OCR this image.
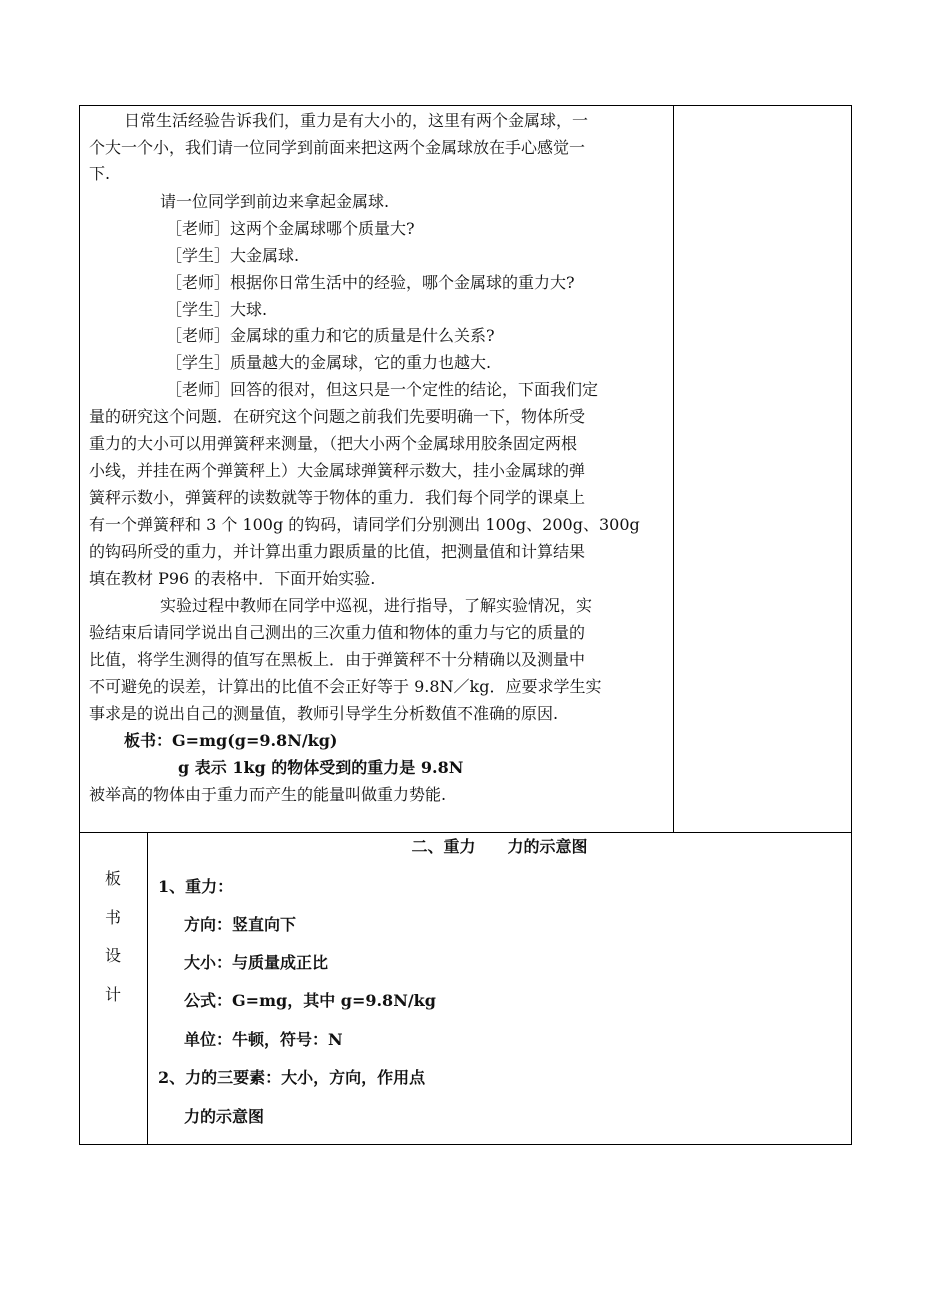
日常生活经验告诉我们，重力是有大小的，这里有两个金属球，一
个大一个小，我们请一位同学到前面来把这两个金属球放在手心感觉一
下.
请一位同学到前边来拿起金属球.
［老师］这两个金属球哪个质量大?
［学生］大金属球.
［老师］根据你日常生活中的经验，哪个金属球的重力大?
［学生］大球.
［老师］金属球的重力和它的质量是什么关系?
［学生］质量越大的金属球，它的重力也越大.
［老师］回答的很对，但这只是一个定性的结论，下面我们定
量的研究这个问题．在研究这个问题之前我们先要明确一下，物体所受
重力的大小可以用弹簧秤来测量，（把大小两个金属球用胶条固定两根
小线，并挂在两个弹簧秤上）大金属球弹簧秤示数大，挂小金属球的弹
簧秤示数小，弹簧秤的读数就等于物体的重力．我们每个同学的课桌上
有一个弹簧秤和 3 个 100g 的钩码，请同学们分别测出 100g、200g、300g
的钩码所受的重力，并计算出重力跟质量的比值，把测量值和计算结果
填在教材 P96 的表格中．下面开始实验.
实验过程中教师在同学中巡视，进行指导，了解实验情况，实
验结束后请同学说出自己测出的三次重力值和物体的重力与它的质量的
比值，将学生测得的值写在黑板上．由于弹簧秤不十分精确以及测量中
不可避免的误差，计算出的比值不会正好等于 9.8N／kg．应要求学生实
事求是的说出自己的测量值，教师引导学生分析数值不准确的原因.
板书：G=mg(g=9.8N/kg)
g 表示 1kg 的物体受到的重力是 9.8N
被举高的物体由于重力而产生的能量叫做重力势能.
板
书
设
计
二、重力　　力的示意图
1、重力：
方向：竖直向下
大小：与质量成正比
公式：G=mg，其中 g=9.8N/kg
单位：牛顿，符号：N
2、力的三要素：大小，方向，作用点
力的示意图
